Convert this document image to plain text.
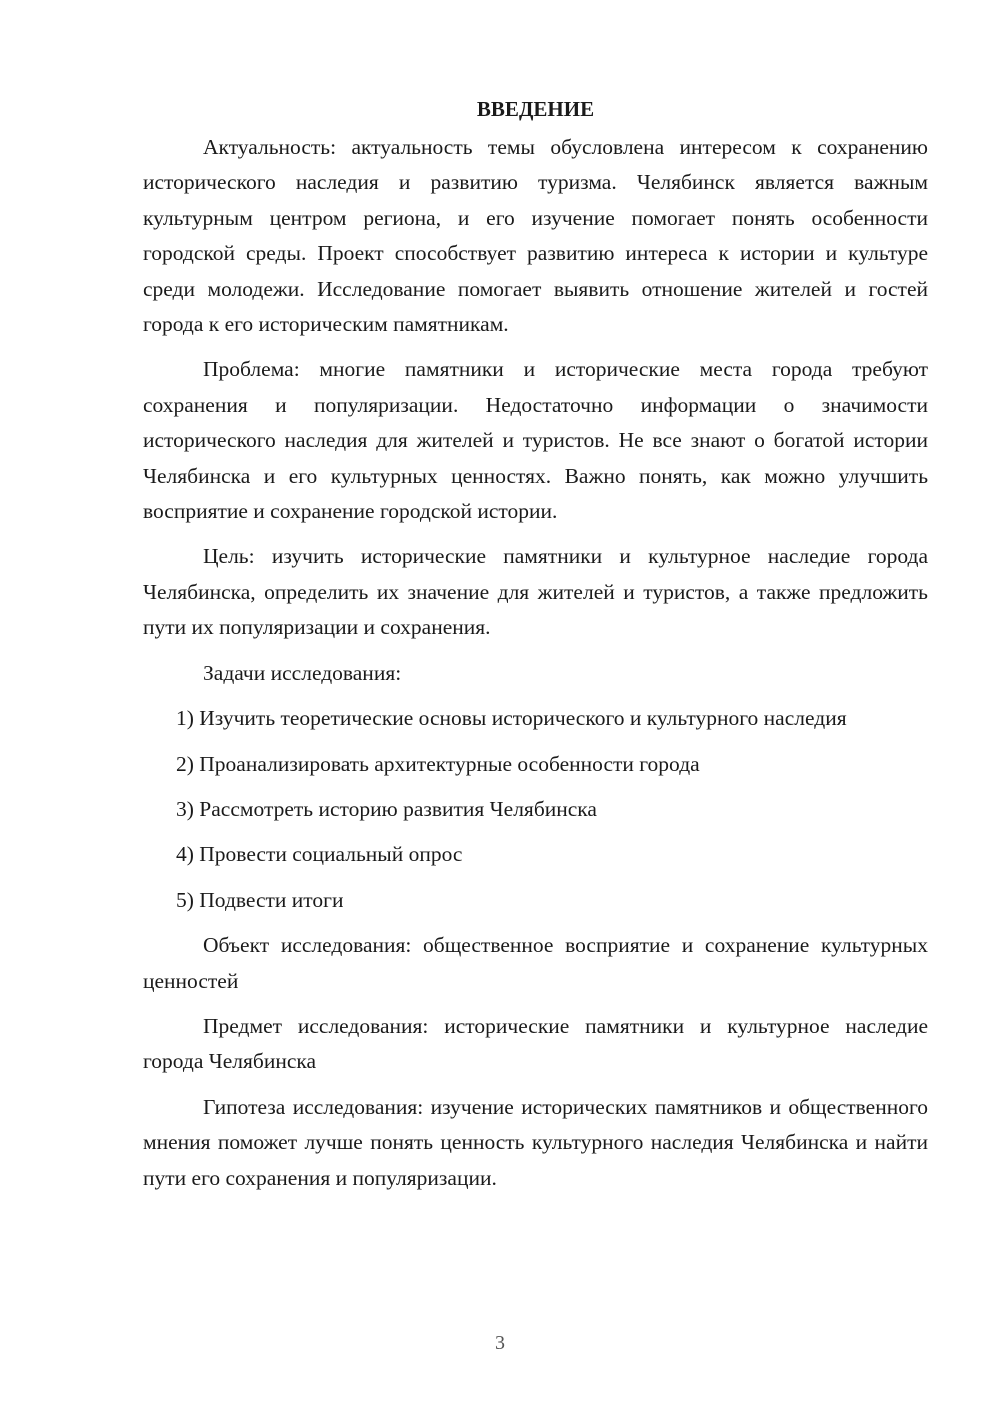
ВВЕДЕНИЕ

Актуальность: актуальность темы обусловлена интересом к сохранению исторического наследия и развитию туризма. Челябинск является важным культурным центром региона, и его изучение помогает понять особенности городской среды. Проект способствует развитию интереса к истории и культуре среди молодежи. Исследование помогает выявить отношение жителей и гостей города к его историческим памятникам.

Проблема: многие памятники и исторические места города требуют сохранения и популяризации. Недостаточно информации о значимости исторического наследия для жителей и туристов. Не все знают о богатой истории Челябинска и его культурных ценностях. Важно понять, как можно улучшить восприятие и сохранение городской истории.

Цель: изучить исторические памятники и культурное наследие города Челябинска, определить их значение для жителей и туристов, а также предложить пути их популяризации и сохранения.

Задачи исследования:

1) Изучить теоретические основы исторического и культурного наследия

2) Проанализировать архитектурные особенности города

3) Рассмотреть историю развития Челябинска

4) Провести социальный опрос

5) Подвести итоги

Объект исследования: общественное восприятие и сохранение культурных ценностей

Предмет исследования: исторические памятники и культурное наследие города Челябинска

Гипотеза исследования: изучение исторических памятников и общественного мнения поможет лучше понять ценность культурного наследия Челябинска и найти пути его сохранения и популяризации.

3
